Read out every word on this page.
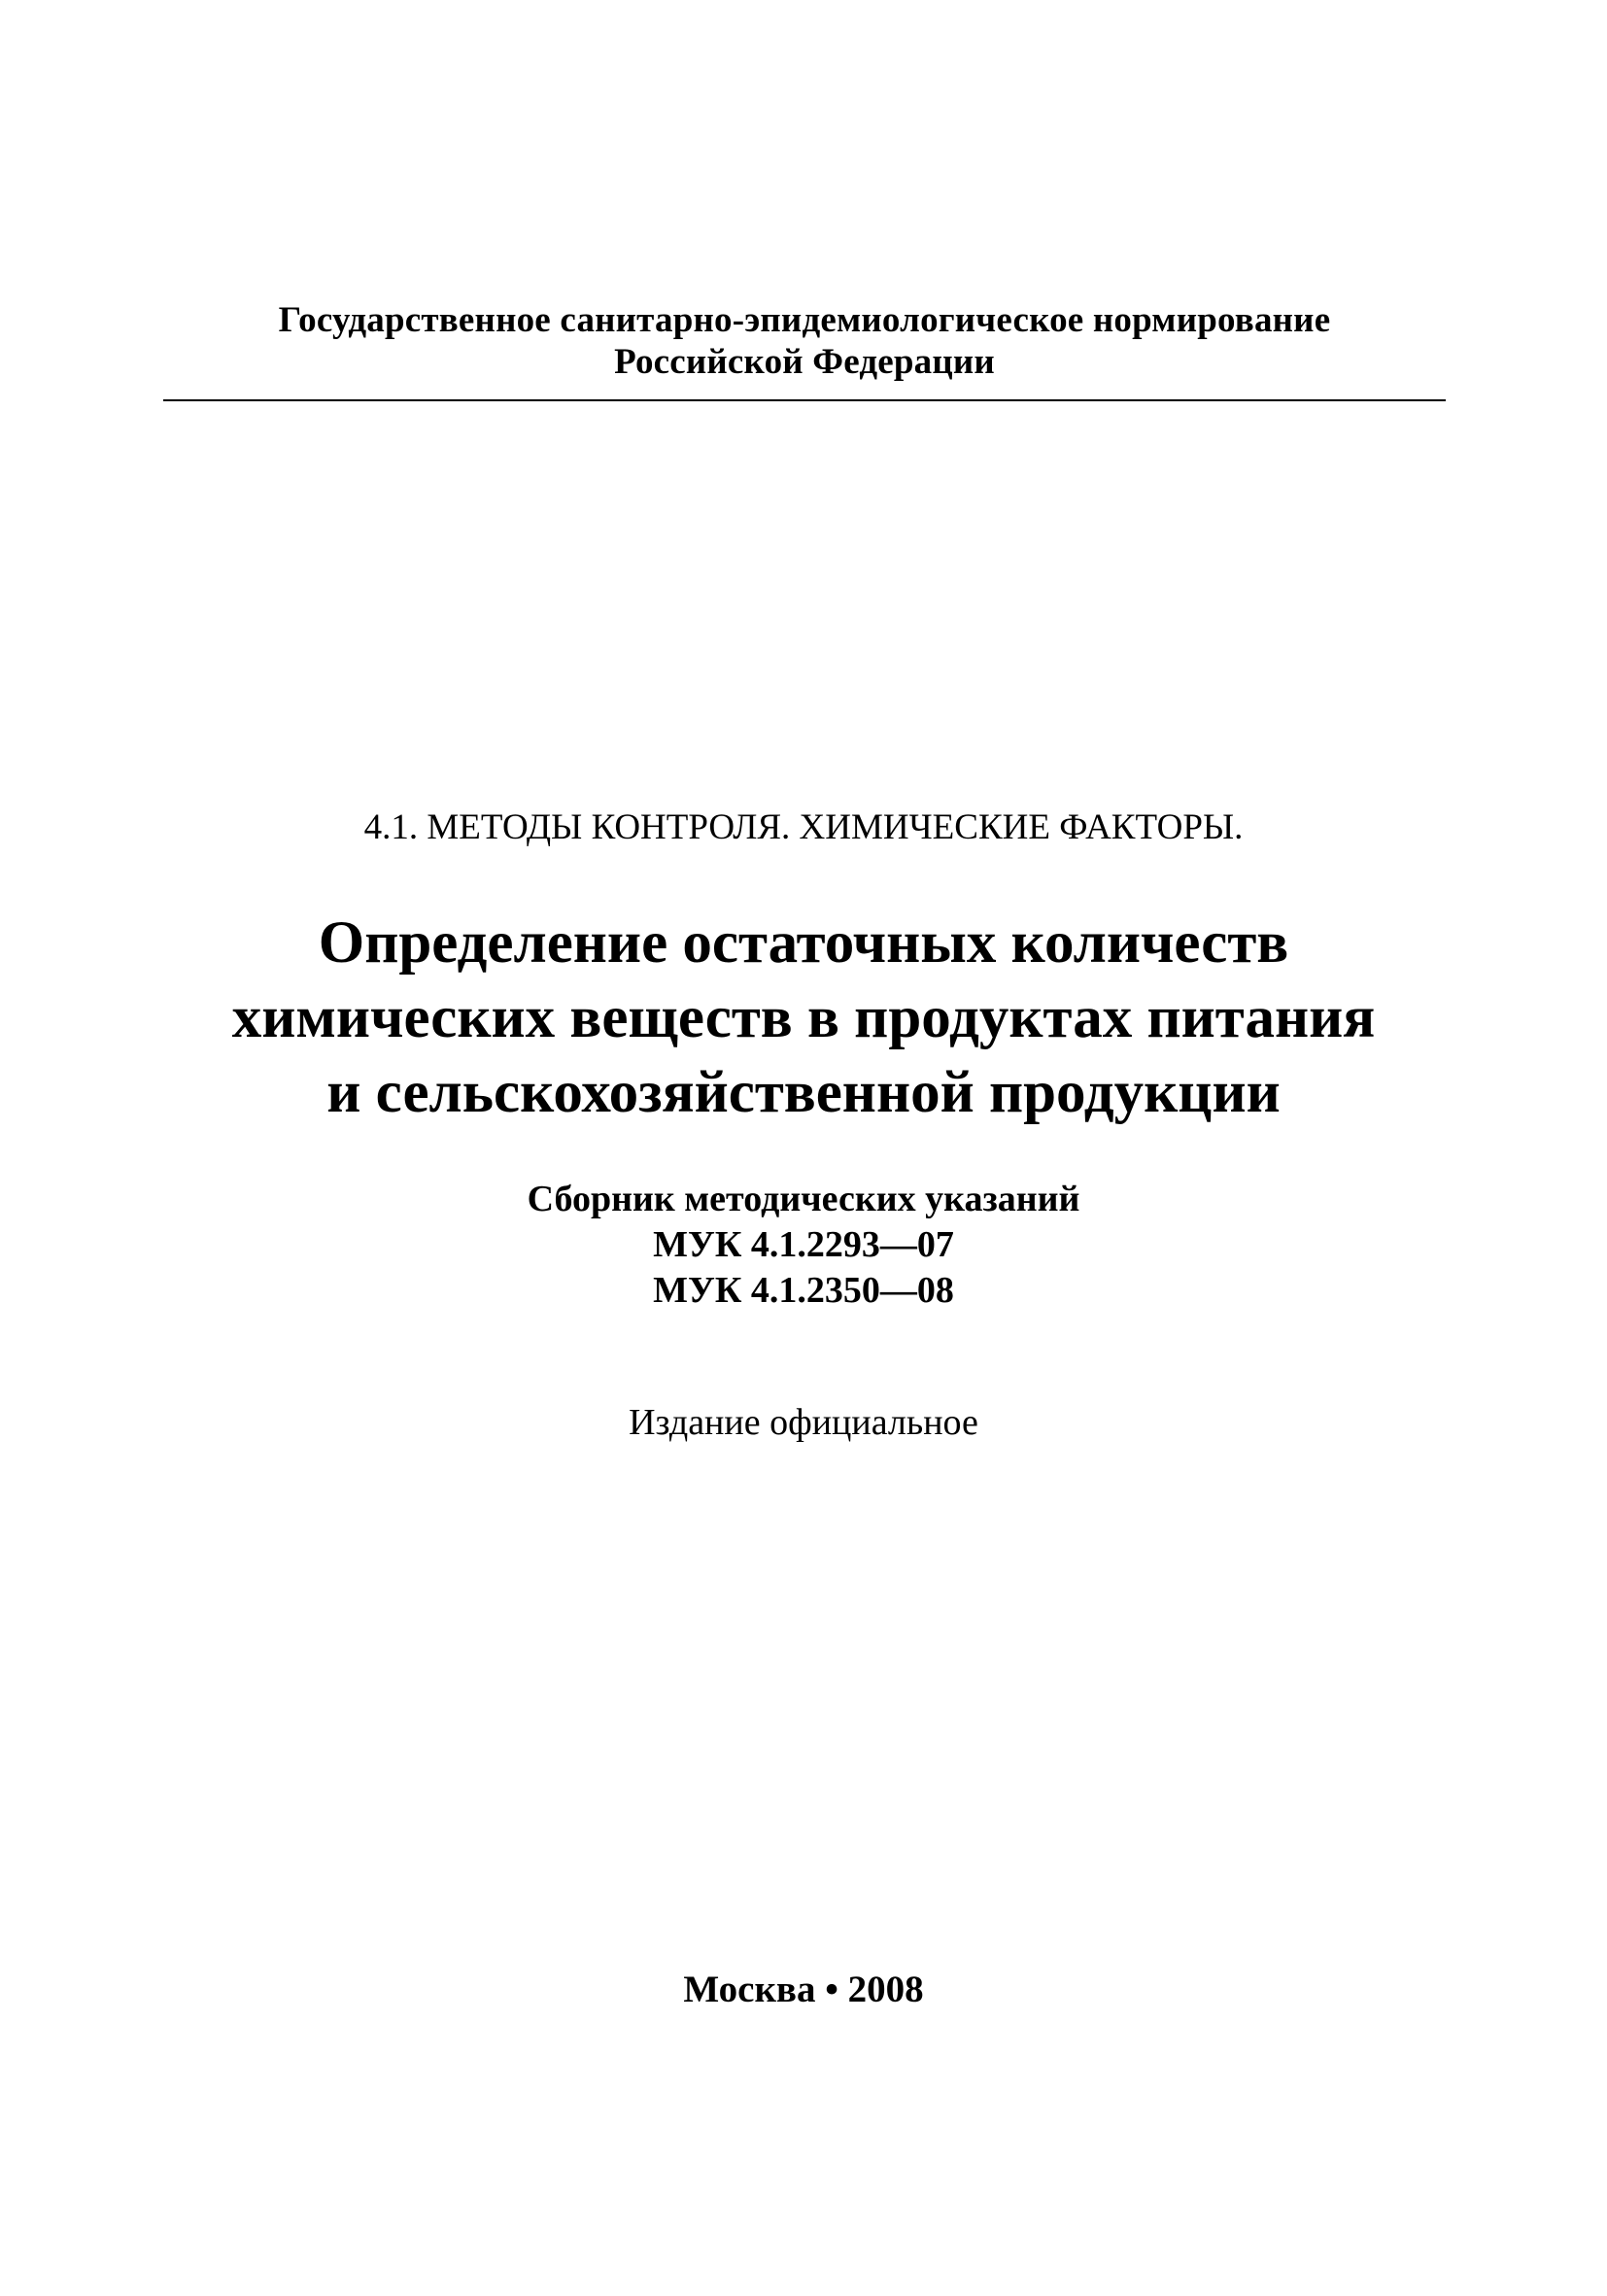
Государственное санитарно-эпидемиологическое нормирование
Российской Федерации
4.1. МЕТОДЫ КОНТРОЛЯ. ХИМИЧЕСКИЕ ФАКТОРЫ.
Определение остаточных количеств
химических веществ в продуктах питания
и сельскохозяйственной продукции
Сборник методических указаний
МУК 4.1.2293—07
МУК 4.1.2350—08
Издание официальное
Москва • 2008
